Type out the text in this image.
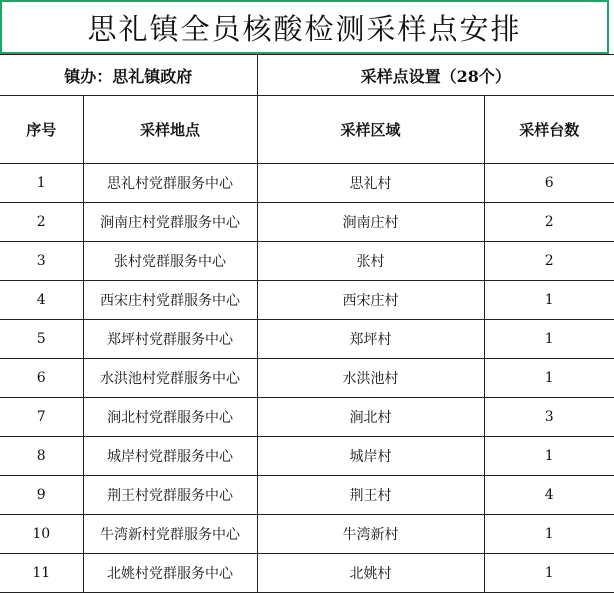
思礼镇全员核酸检测采样点安排
镇办：思礼镇政府		采样点设置（28个）	
序号	采样地点	采样区域	采样台数
1	思礼村党群服务中心	思礼村	6
2	涧南庄村党群服务中心	涧南庄村	2
3	张村党群服务中心	张村	2
4	西宋庄村党群服务中心	西宋庄村	1
5	郑坪村党群服务中心	郑坪村	1
6	水洪池村党群服务中心	水洪池村	1
7	涧北村党群服务中心	涧北村	3
8	城岸村党群服务中心	城岸村	1
9	荆王村党群服务中心	荆王村	4
10	牛湾新村党群服务中心	牛湾新村	1
11	北姚村党群服务中心	北姚村	1
